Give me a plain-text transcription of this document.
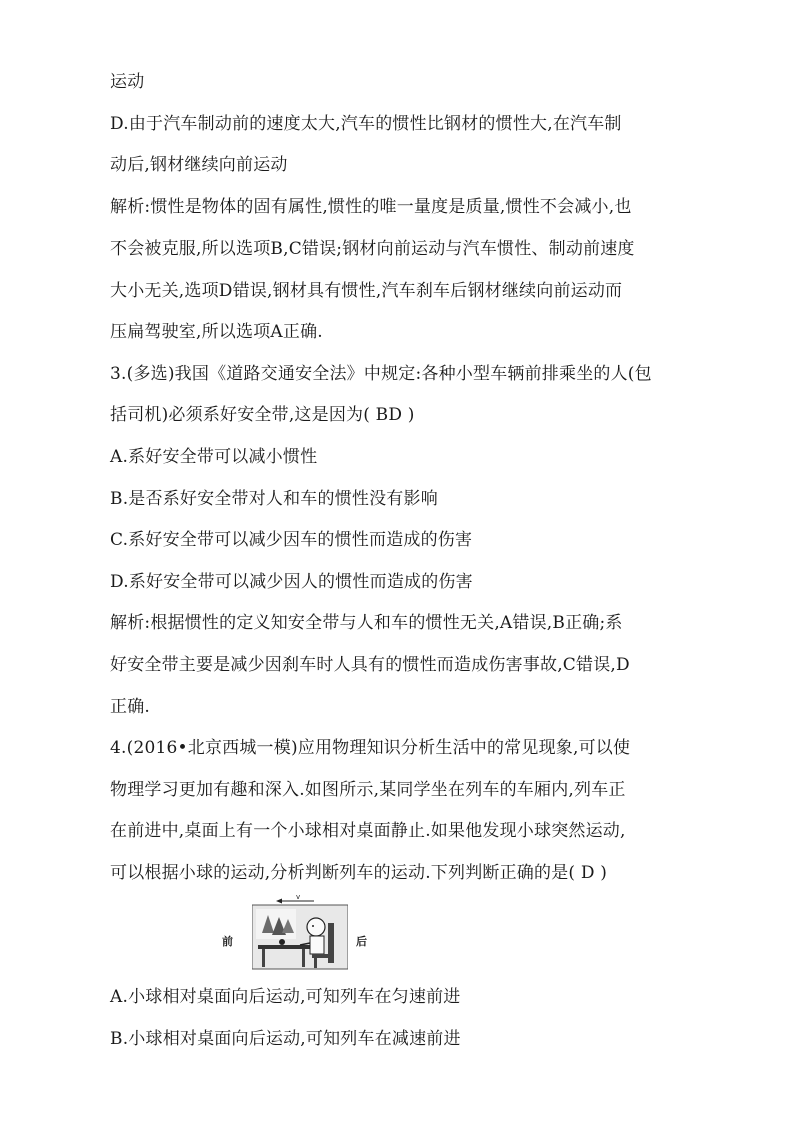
运动
D.由于汽车制动前的速度太大,汽车的惯性比钢材的惯性大,在汽车制
动后,钢材继续向前运动
解析:惯性是物体的固有属性,惯性的唯一量度是质量,惯性不会减小,也
不会被克服,所以选项B,C错误;钢材向前运动与汽车惯性、制动前速度
大小无关,选项D错误,钢材具有惯性,汽车刹车后钢材继续向前运动而
压扁驾驶室,所以选项A正确.
3.(多选)我国《道路交通安全法》中规定:各种小型车辆前排乘坐的人(包
括司机)必须系好安全带,这是因为( BD )
A.系好安全带可以减小惯性
B.是否系好安全带对人和车的惯性没有影响
C.系好安全带可以减少因车的惯性而造成的伤害
D.系好安全带可以减少因人的惯性而造成的伤害
解析:根据惯性的定义知安全带与人和车的惯性无关,A错误,B正确;系
好安全带主要是减少因刹车时人具有的惯性而造成伤害事故,C错误,D
正确.
4.(2016•北京西城一模)应用物理知识分析生活中的常见现象,可以使
物理学习更加有趣和深入.如图所示,某同学坐在列车的车厢内,列车正
在前进中,桌面上有一个小球相对桌面静止.如果他发现小球突然运动,
可以根据小球的运动,分析判断列车的运动.下列判断正确的是( D )
A.小球相对桌面向后运动,可知列车在匀速前进
B.小球相对桌面向后运动,可知列车在减速前进
前	后
v
